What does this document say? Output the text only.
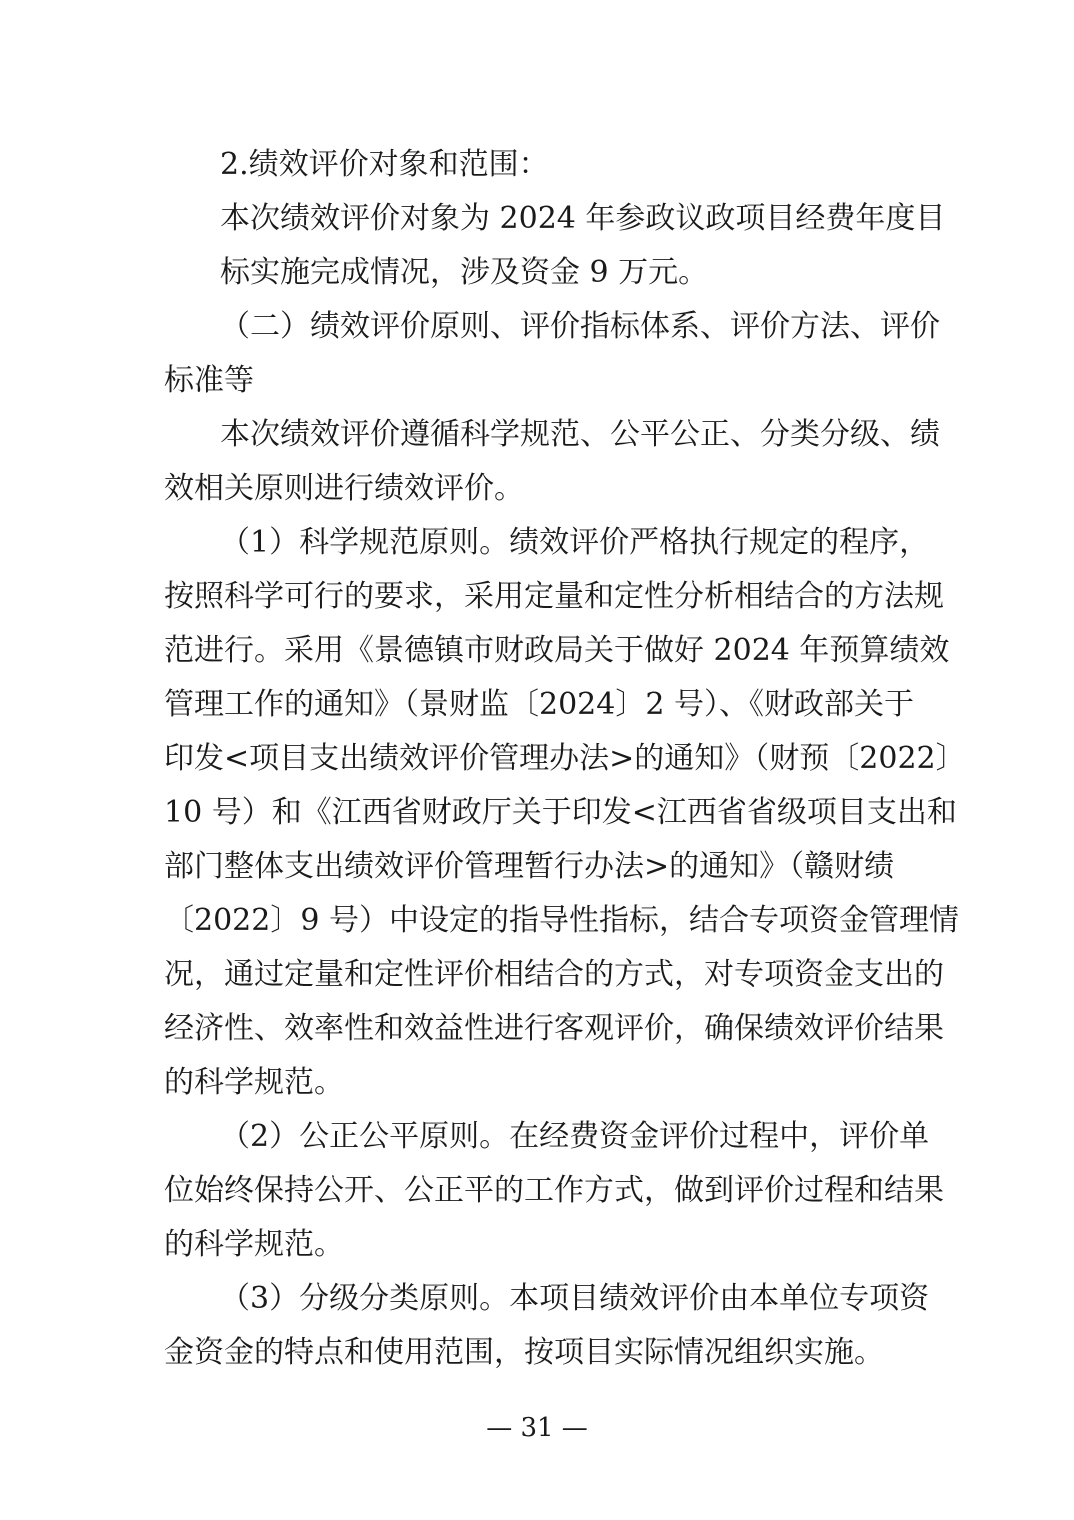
2.绩效评价对象和范围：
本次绩效评价对象为 2024 年参政议政项目经费年度目
标实施完成情况，涉及资金 9 万元。
（二）绩效评价原则、评价指标体系、评价方法、评价
标准等
本次绩效评价遵循科学规范、公平公正、分类分级、绩
效相关原则进行绩效评价。
（1）科学规范原则。绩效评价严格执行规定的程序，
按照科学可行的要求，采用定量和定性分析相结合的方法规
范进行。采用《景德镇市财政局关于做好 2024 年预算绩效
管理工作的通知》（景财监〔2024〕2 号）、《财政部关于
印发<项目支出绩效评价管理办法>的通知》（财预〔2022〕
10 号）和《江西省财政厅关于印发<江西省省级项目支出和
部门整体支出绩效评价管理暂行办法>的通知》（赣财绩
〔2022〕9 号）中设定的指导性指标，结合专项资金管理情
况，通过定量和定性评价相结合的方式，对专项资金支出的
经济性、效率性和效益性进行客观评价，确保绩效评价结果
的科学规范。
（2）公正公平原则。在经费资金评价过程中，评价单
位始终保持公开、公正平的工作方式，做到评价过程和结果
的科学规范。
（3）分级分类原则。本项目绩效评价由本单位专项资
金资金的特点和使用范围，按项目实际情况组织实施。
— 31 —
